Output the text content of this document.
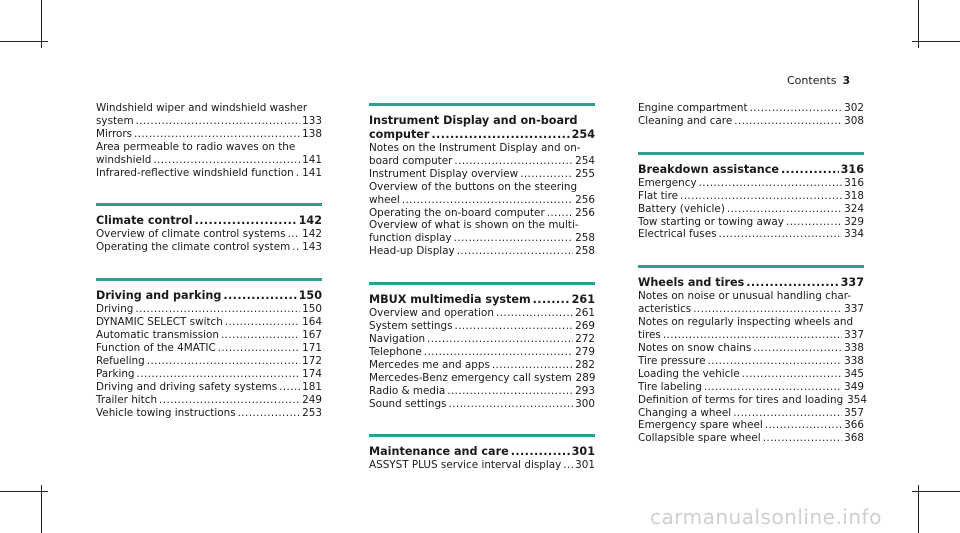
Contents 3
Windshield wiper and windshield washer
system .....	133
Mirrors .....	138
Area permeable to radio waves on the
windshield .....	141
Infrared-reflective windshield function ..... 141
Climate control .....	142
Overview of climate control systems ..... 142
Operating the climate control system ..... 143
Driving and parking .....	150
Driving .....	150
DYNAMIC SELECT switch .....	164
Automatic transmission .....	167
Function of the 4MATIC .....	171
Refueling .....	172
Parking .....	174
Driving and driving safety systems ..... 181
Trailer hitch .....	249
Vehicle towing instructions .....	253
Instrument Display and on-board
computer .....	254
Notes on the Instrument Display and on-
board computer .....	254
Instrument Display overview .....	255
Overview of the buttons on the steering
wheel .....	256
Operating the on-board computer .....	256
Overview of what is shown on the multi-
function display .....	258
Head-up Display .....	258
MBUX multimedia system .....	261
Overview and operation .....	261
System settings .....	269
Navigation .....	272
Telephone .....	279
Mercedes me and apps .....	282
Mercedes-Benz emergency call system 289
Radio & media .....	293
Sound settings .....	300
Maintenance and care .....	301
ASSYST PLUS service interval display ..... 301
Engine compartment .....	302
Cleaning and care .....	308
Breakdown assistance .....	316
Emergency .....	316
Flat tire .....	318
Battery (vehicle) .....	324
Tow starting or towing away .....	329
Electrical fuses .....	334
Wheels and tires .....	337
Notes on noise or unusual handling char-
acteristics .....	337
Notes on regularly inspecting wheels and
tires .....	337
Notes on snow chains .....	338
Tire pressure .....	338
Loading the vehicle .....	345
Tire labeling .....	349
Definition of terms for tires and loading 354
Changing a wheel .....	357
Emergency spare wheel .....	366
Collapsible spare wheel .....	368
carmanualsonline.info
